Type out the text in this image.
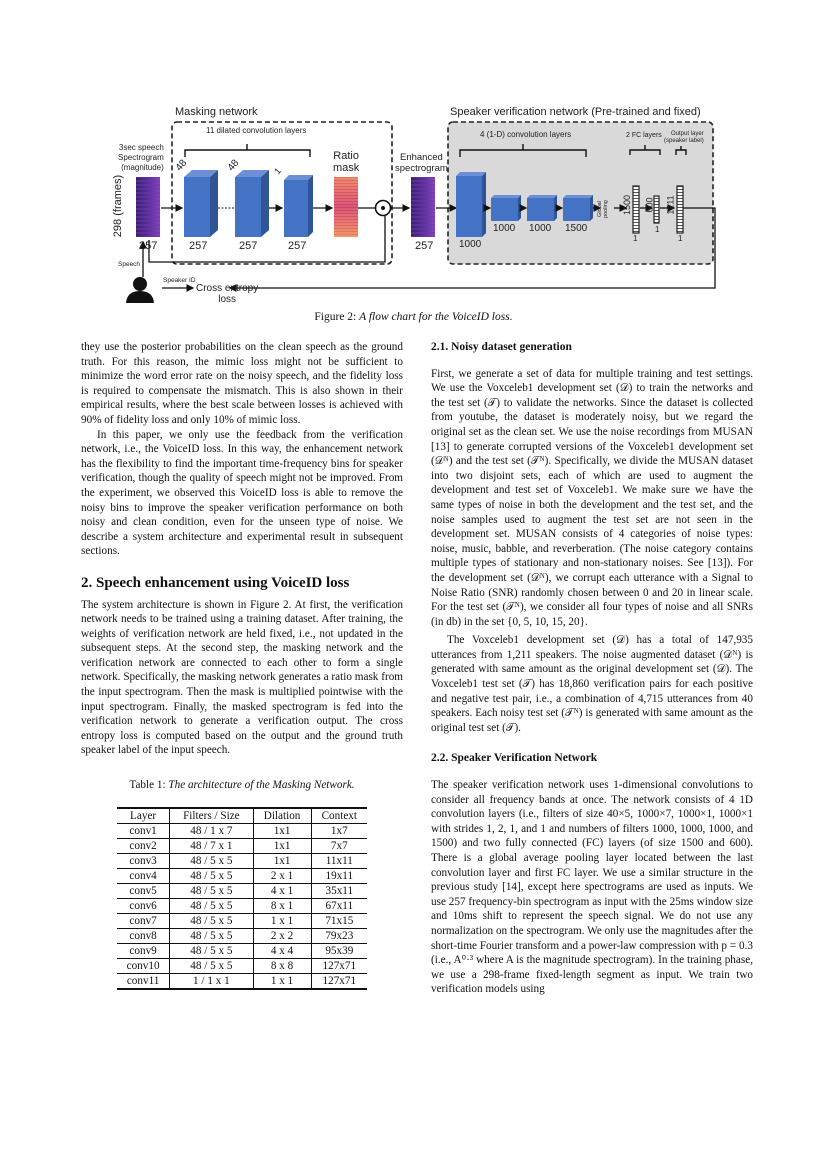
Masking network
11 dilated convolution layers
3sec speech
Spectrogram
(magnitude)
298 (frames)
257
48	48	1
257	257	257
Ratio
mask
Enhanced
spectrogram
257
Speaker verification network (Pre-trained and fixed)
4 (1-D) convolution layers
1000
1000 1000 1500
Global pooling
2 FC layers	Output layer
(speaker label)
1500 600 1211
1
1
1
Speech
Speaker ID
Cross entropy
loss
Figure 2: A flow chart for the VoiceID loss.

they use the posterior probabilities on the clean speech as the ground truth. For this reason, the mimic loss might not be sufficient to minimize the word error rate on the noisy speech, and the fidelity loss is required to compensate the mismatch. This is also shown in their empirical results, where the best scale between losses is achieved with 90% of fidelity loss and only 10% of mimic loss.

In this paper, we only use the feedback from the verification network, i.e., the VoiceID loss. In this way, the enhancement network has the flexibility to find the important time-frequency bins for speaker verification, though the quality of speech might not be improved. From the experiment, we observed this VoiceID loss is able to remove the noisy bins to improve the speaker verification performance on both noisy and clean condition, even for the unseen type of noise. We describe a system architecture and experimental result in subsequent sections.

2. Speech enhancement using VoiceID loss

The system architecture is shown in Figure 2. At first, the verification network needs to be trained using a training dataset. After training, the weights of verification network are held fixed, i.e., not updated in the subsequent steps. At the second step, the masking network and the verification network are connected to each other to form a single network. Specifically, the masking network generates a ratio mask from the input spectrogram. Then the mask is multiplied pointwise with the input spectrogram. Finally, the masked spectrogram is fed into the verification network to generate a verification output. The cross entropy loss is computed based on the output and the ground truth speaker label of the input speech.

Table 1: The architecture of the Masking Network.
Layer	Filters / Size	Dilation	Context
conv1	48 / 1 x 7	1x1	1x7
conv2	48 / 7 x 1	1x1	7x7
conv3	48 / 5 x 5	1x1	11x11
conv4	48 / 5 x 5	2 x 1	19x11
conv5	48 / 5 x 5	4 x 1	35x11
conv6	48 / 5 x 5	8 x 1	67x11
conv7	48 / 5 x 5	1 x 1	71x15
conv8	48 / 5 x 5	2 x 2	79x23
conv9	48 / 5 x 5	4 x 4	95x39
conv10	48 / 5 x 5	8 x 8	127x71
conv11	1 / 1 x 1	1 x 1	127x71
2.1. Noisy dataset generation

First, we generate a set of data for multiple training and test settings. We use the Voxceleb1 development set (𝒟) to train the networks and the test set (𝒯) to validate the networks. Since the dataset is collected from youtube, the dataset is moderately noisy, but we regard the original set as the clean set. We use the noise recordings from MUSAN [13] to generate corrupted versions of the Voxceleb1 development set (𝒟ᴺ) and the test set (𝒯ᴺ). Specifically, we divide the MUSAN dataset into two disjoint sets, each of which are used to augment the development and test set of Voxceleb1. We make sure we have the same types of noise in both the development and the test set, and the noise samples used to augment the test set are not seen in the development set. MUSAN consists of 4 categories of noise types: noise, music, babble, and reverberation. (The noise category contains multiple types of stationary and non-stationary noises. See [13]). For the development set (𝒟ᴺ), we corrupt each utterance with a Signal to Noise Ratio (SNR) randomly chosen between 0 and 20 in linear scale. For the test set (𝒯ᴺ), we consider all four types of noise and all SNRs (in db) in the set {0, 5, 10, 15, 20}.

The Voxceleb1 development set (𝒟) has a total of 147,935 utterances from 1,211 speakers. The noise augmented dataset (𝒟ᴺ) is generated with same amount as the original development set (𝒟). The Voxceleb1 test set (𝒯) has 18,860 verification pairs for each positive and negative test pair, i.e., a combination of 4,715 utterances from 40 speakers. Each noisy test set (𝒯ᴺ) is generated with same amount as the original test set (𝒯).

2.2. Speaker Verification Network

The speaker verification network uses 1-dimensional convolutions to consider all frequency bands at once. The network consists of 4 1D convolution layers (i.e., filters of size 40×5, 1000×7, 1000×1, 1000×1 with strides 1, 2, 1, and 1 and numbers of filters 1000, 1000, 1000, and 1500) and two fully connected (FC) layers (of size 1500 and 600). There is a global average pooling layer located between the last convolution layer and first FC layer. We use a similar structure in the previous study [14], except here spectrograms are used as inputs. We use 257 frequency-bin spectrogram as input with the 25ms window size and 10ms shift to represent the speech signal. We do not use any normalization on the spectrogram. We only use the magnitudes after the short-time Fourier transform and a power-law compression with p = 0.3 (i.e., A⁰·³ where A is the magnitude spectrogram). In the training phase, we use a 298-frame fixed-length segment as input. We train two verification models using
